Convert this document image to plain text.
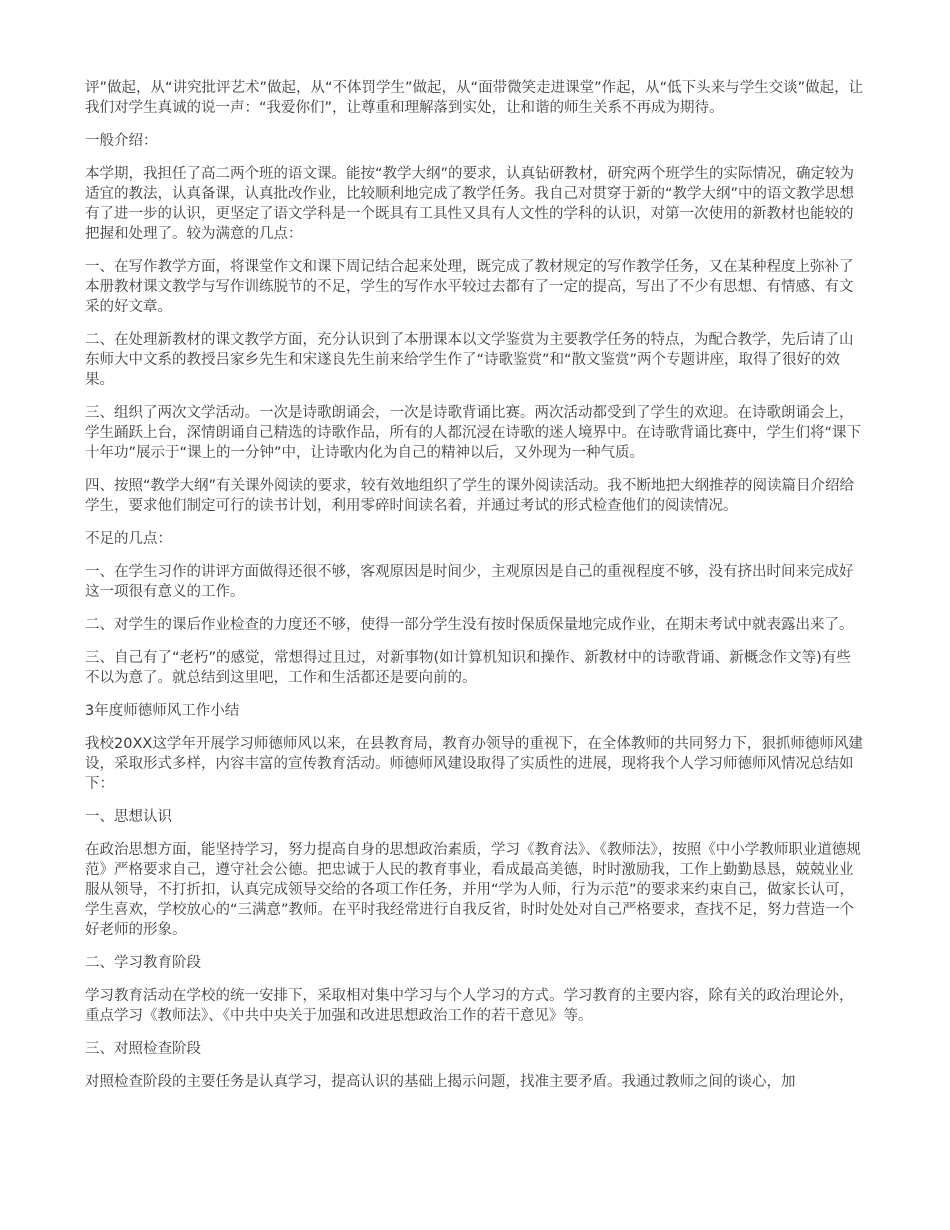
评”做起，从“讲究批评艺术”做起，从“不体罚学生”做起，从“面带微笑走进课堂”作起，从“低下头来与学生交谈”做起，让我们对学生真诚的说一声：“我爱你们”，让尊重和理解落到实处，让和谐的师生关系不再成为期待。

一般介绍：

本学期，我担任了高二两个班的语文课。能按“教学大纲”的要求，认真钻研教材，研究两个班学生的实际情况，确定较为适宜的教法，认真备课，认真批改作业，比较顺利地完成了教学任务。我自己对贯穿于新的“教学大纲”中的语文教学思想有了进一步的认识，更坚定了语文学科是一个既具有工具性又具有人文性的学科的认识，对第一次使用的新教材也能较的把握和处理了。较为满意的几点：

一、在写作教学方面，将课堂作文和课下周记结合起来处理，既完成了教材规定的写作教学任务，又在某种程度上弥补了本册教材课文教学与写作训练脱节的不足，学生的写作水平较过去都有了一定的提高，写出了不少有思想、有情感、有文采的好文章。

二、在处理新教材的课文教学方面，充分认识到了本册课本以文学鉴赏为主要教学任务的特点，为配合教学，先后请了山东师大中文系的教授吕家乡先生和宋遂良先生前来给学生作了“诗歌鉴赏”和“散文鉴赏”两个专题讲座，取得了很好的效果。

三、组织了两次文学活动。一次是诗歌朗诵会，一次是诗歌背诵比赛。两次活动都受到了学生的欢迎。在诗歌朗诵会上，学生踊跃上台，深情朗诵自己精选的诗歌作品，所有的人都沉浸在诗歌的迷人境界中。在诗歌背诵比赛中，学生们将“课下十年功”展示于“课上的一分钟”中，让诗歌内化为自己的精神以后，又外现为一种气质。

四、按照“教学大纲”有关课外阅读的要求，较有效地组织了学生的课外阅读活动。我不断地把大纲推荐的阅读篇目介绍给学生，要求他们制定可行的读书计划，利用零碎时间读名着，并通过考试的形式检查他们的阅读情况。

不足的几点：

一、在学生习作的讲评方面做得还很不够，客观原因是时间少，主观原因是自己的重视程度不够，没有挤出时间来完成好这一项很有意义的工作。

二、对学生的课后作业检查的力度还不够，使得一部分学生没有按时保质保量地完成作业，在期末考试中就表露出来了。

三、自己有了“老朽”的感觉，常想得过且过，对新事物(如计算机知识和操作、新教材中的诗歌背诵、新概念作文等)有些不以为意了。就总结到这里吧，工作和生活都还是要向前的。

3年度师德师风工作小结

我校20XX这学年开展学习师德师风以来，在县教育局，教育办领导的重视下，在全体教师的共同努力下，狠抓师德师风建设，采取形式多样，内容丰富的宣传教育活动。师德师风建设取得了实质性的进展，现将我个人学习师德师风情况总结如下：

一、思想认识

在政治思想方面，能坚持学习，努力提高自身的思想政治素质，学习《教育法》、《教师法》，按照《中小学教师职业道德规范》严格要求自己，遵守社会公德。把忠诚于人民的教育事业，看成最高美德，时时激励我，工作上勤勤恳恳，兢兢业业服从领导，不打折扣，认真完成领导交给的各项工作任务，并用“学为人师，行为示范”的要求来约束自己，做家长认可，学生喜欢，学校放心的“三满意”教师。在平时我经常进行自我反省，时时处处对自己严格要求，查找不足，努力营造一个好老师的形象。

二、学习教育阶段

学习教育活动在学校的统一安排下，采取相对集中学习与个人学习的方式。学习教育的主要内容，除有关的政治理论外，重点学习《教师法》、《中共中央关于加强和改进思想政治工作的若干意见》等。

三、对照检查阶段

对照检查阶段的主要任务是认真学习，提高认识的基础上揭示问题，找准主要矛盾。我通过教师之间的谈心，加
